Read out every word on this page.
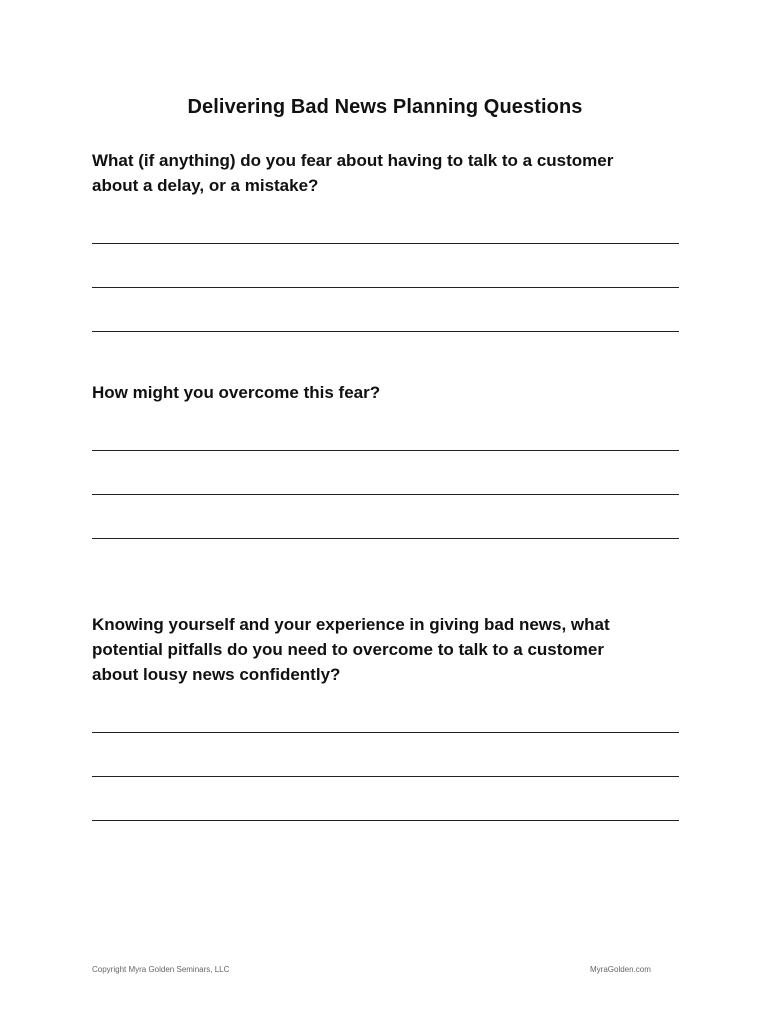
Delivering Bad News Planning Questions
What (if anything) do you fear about having to talk to a customer about a delay, or a mistake?
How might you overcome this fear?
Knowing yourself and your experience in giving bad news, what potential pitfalls do you need to overcome to talk to a customer about lousy news confidently?
Copyright Myra Golden Seminars, LLC	MyraGolden.com
